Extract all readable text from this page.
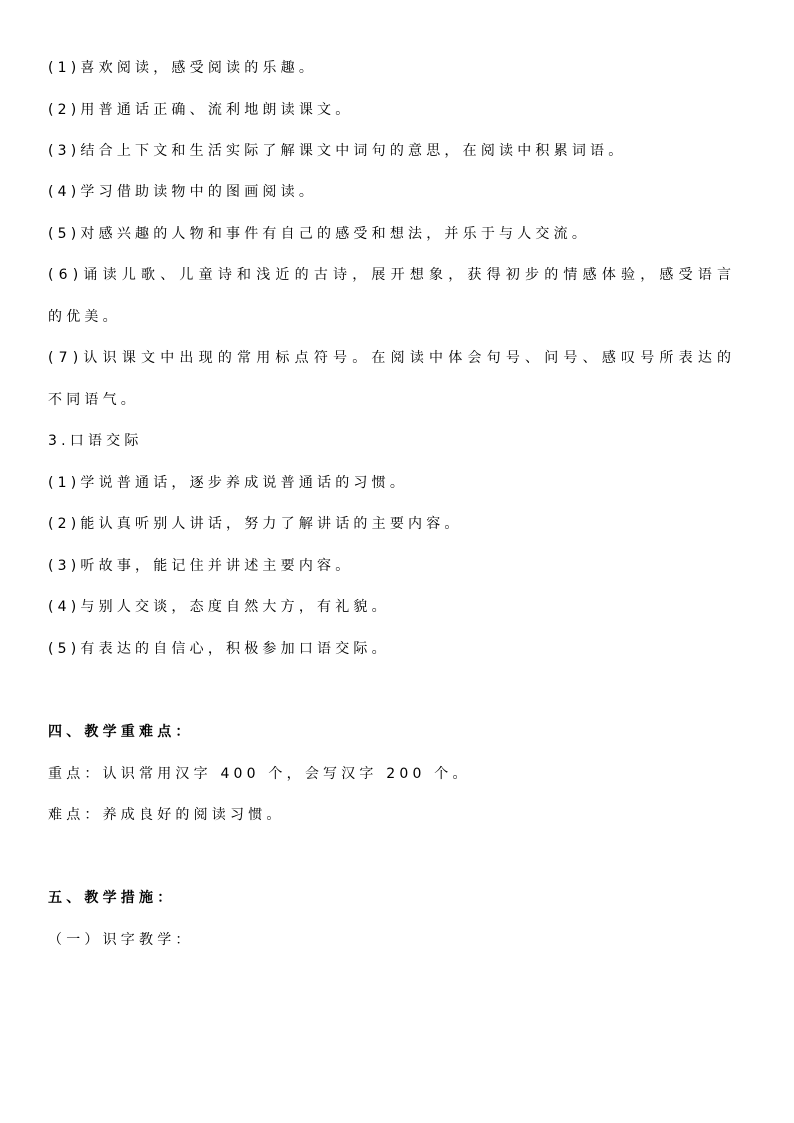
(1)喜欢阅读，感受阅读的乐趣。
(2)用普通话正确、流利地朗读课文。
(3)结合上下文和生活实际了解课文中词句的意思，在阅读中积累词语。
(4)学习借助读物中的图画阅读。
(5)对感兴趣的人物和事件有自己的感受和想法，并乐于与人交流。
(6)诵读儿歌、儿童诗和浅近的古诗，展开想象，获得初步的情感体验，感受语言
的优美。
(7)认识课文中出现的常用标点符号。在阅读中体会句号、问号、感叹号所表达的
不同语气。
3.口语交际
(1)学说普通话，逐步养成说普通话的习惯。
(2)能认真听别人讲话，努力了解讲话的主要内容。
(3)听故事，能记住并讲述主要内容。
(4)与别人交谈，态度自然大方，有礼貌。
(5)有表达的自信心，积极参加口语交际。
四、教学重难点：
重点：认识常用汉字 400 个，会写汉字 200 个。
难点：养成良好的阅读习惯。
五、教学措施：
（一）识字教学：
